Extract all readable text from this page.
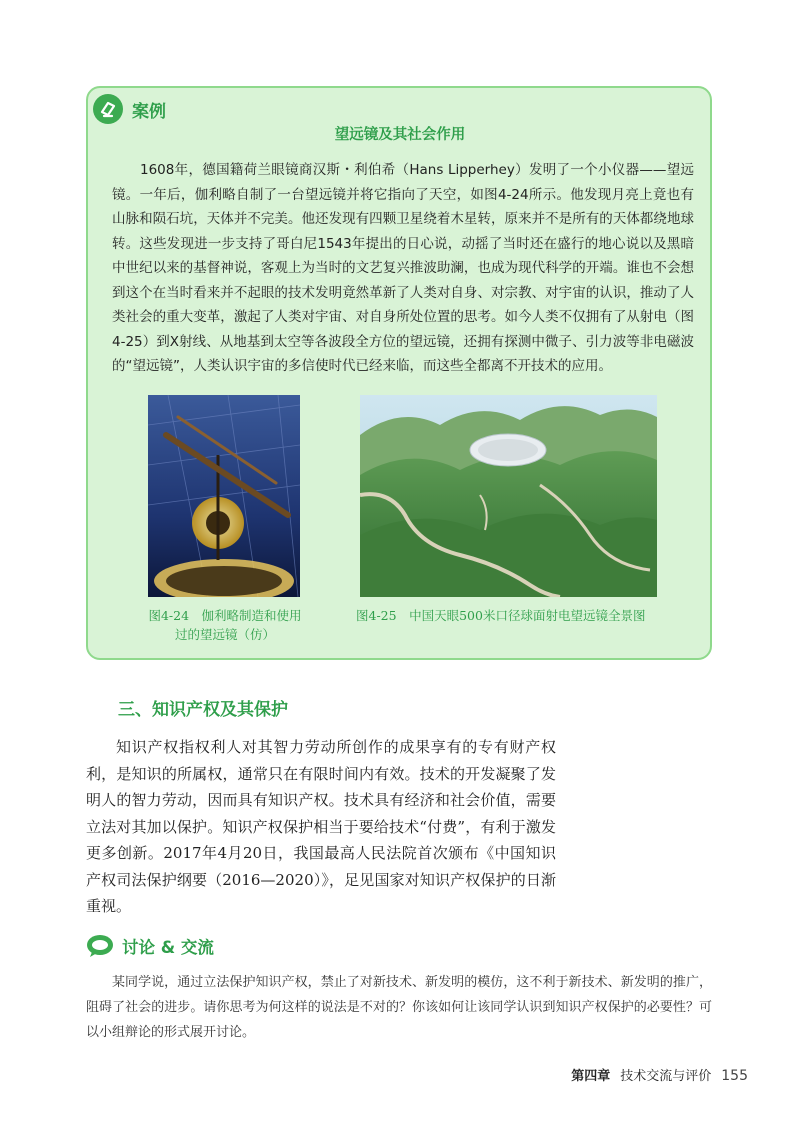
案例
望远镜及其社会作用

1608年，德国籍荷兰眼镜商汉斯・利伯希（Hans Lipperhey）发明了一个小仪器——望远镜。一年后，伽利略自制了一台望远镜并将它指向了天空，如图4-24所示。他发现月亮上竟也有山脉和陨石坑，天体并不完美。他还发现有四颗卫星绕着木星转，原来并不是所有的天体都绕地球转。这些发现进一步支持了哥白尼1543年提出的日心说，动摇了当时还在盛行的地心说以及黑暗中世纪以来的基督神说，客观上为当时的文艺复兴推波助澜，也成为现代科学的开端。谁也不会想到这个在当时看来并不起眼的技术发明竟然革新了人类对自身、对宗教、对宇宙的认识，推动了人类社会的重大变革，激起了人类对宇宙、对自身所处位置的思考。如今人类不仅拥有了从射电（图4-25）到X射线、从地基到太空等各波段全方位的望远镜，还拥有探测中微子、引力波等非电磁波的“望远镜”，人类认识宇宙的多信使时代已经来临，而这些全都离不开技术的应用。

图4-24　伽利略制造和使用
过的望远镜（仿）
图4-25　中国天眼500米口径球面射电望远镜全景图
三、知识产权及其保护

知识产权指权利人对其智力劳动所创作的成果享有的专有财产权利，是知识的所属权，通常只在有限时间内有效。技术的开发凝聚了发明人的智力劳动，因而具有知识产权。技术具有经济和社会价值，需要立法对其加以保护。知识产权保护相当于要给技术“付费”，有利于激发更多创新。2017年4月20日，我国最高人民法院首次颁布《中国知识产权司法保护纲要（2016—2020）》，足见国家对知识产权保护的日渐重视。

讨论 & 交流

某同学说，通过立法保护知识产权，禁止了对新技术、新发明的模仿，这不利于新技术、新发明的推广，阻碍了社会的进步。请你思考为何这样的说法是不对的？你该如何让该同学认识到知识产权保护的必要性？可以小组辩论的形式展开讨论。

第四章 技术交流与评价 155
